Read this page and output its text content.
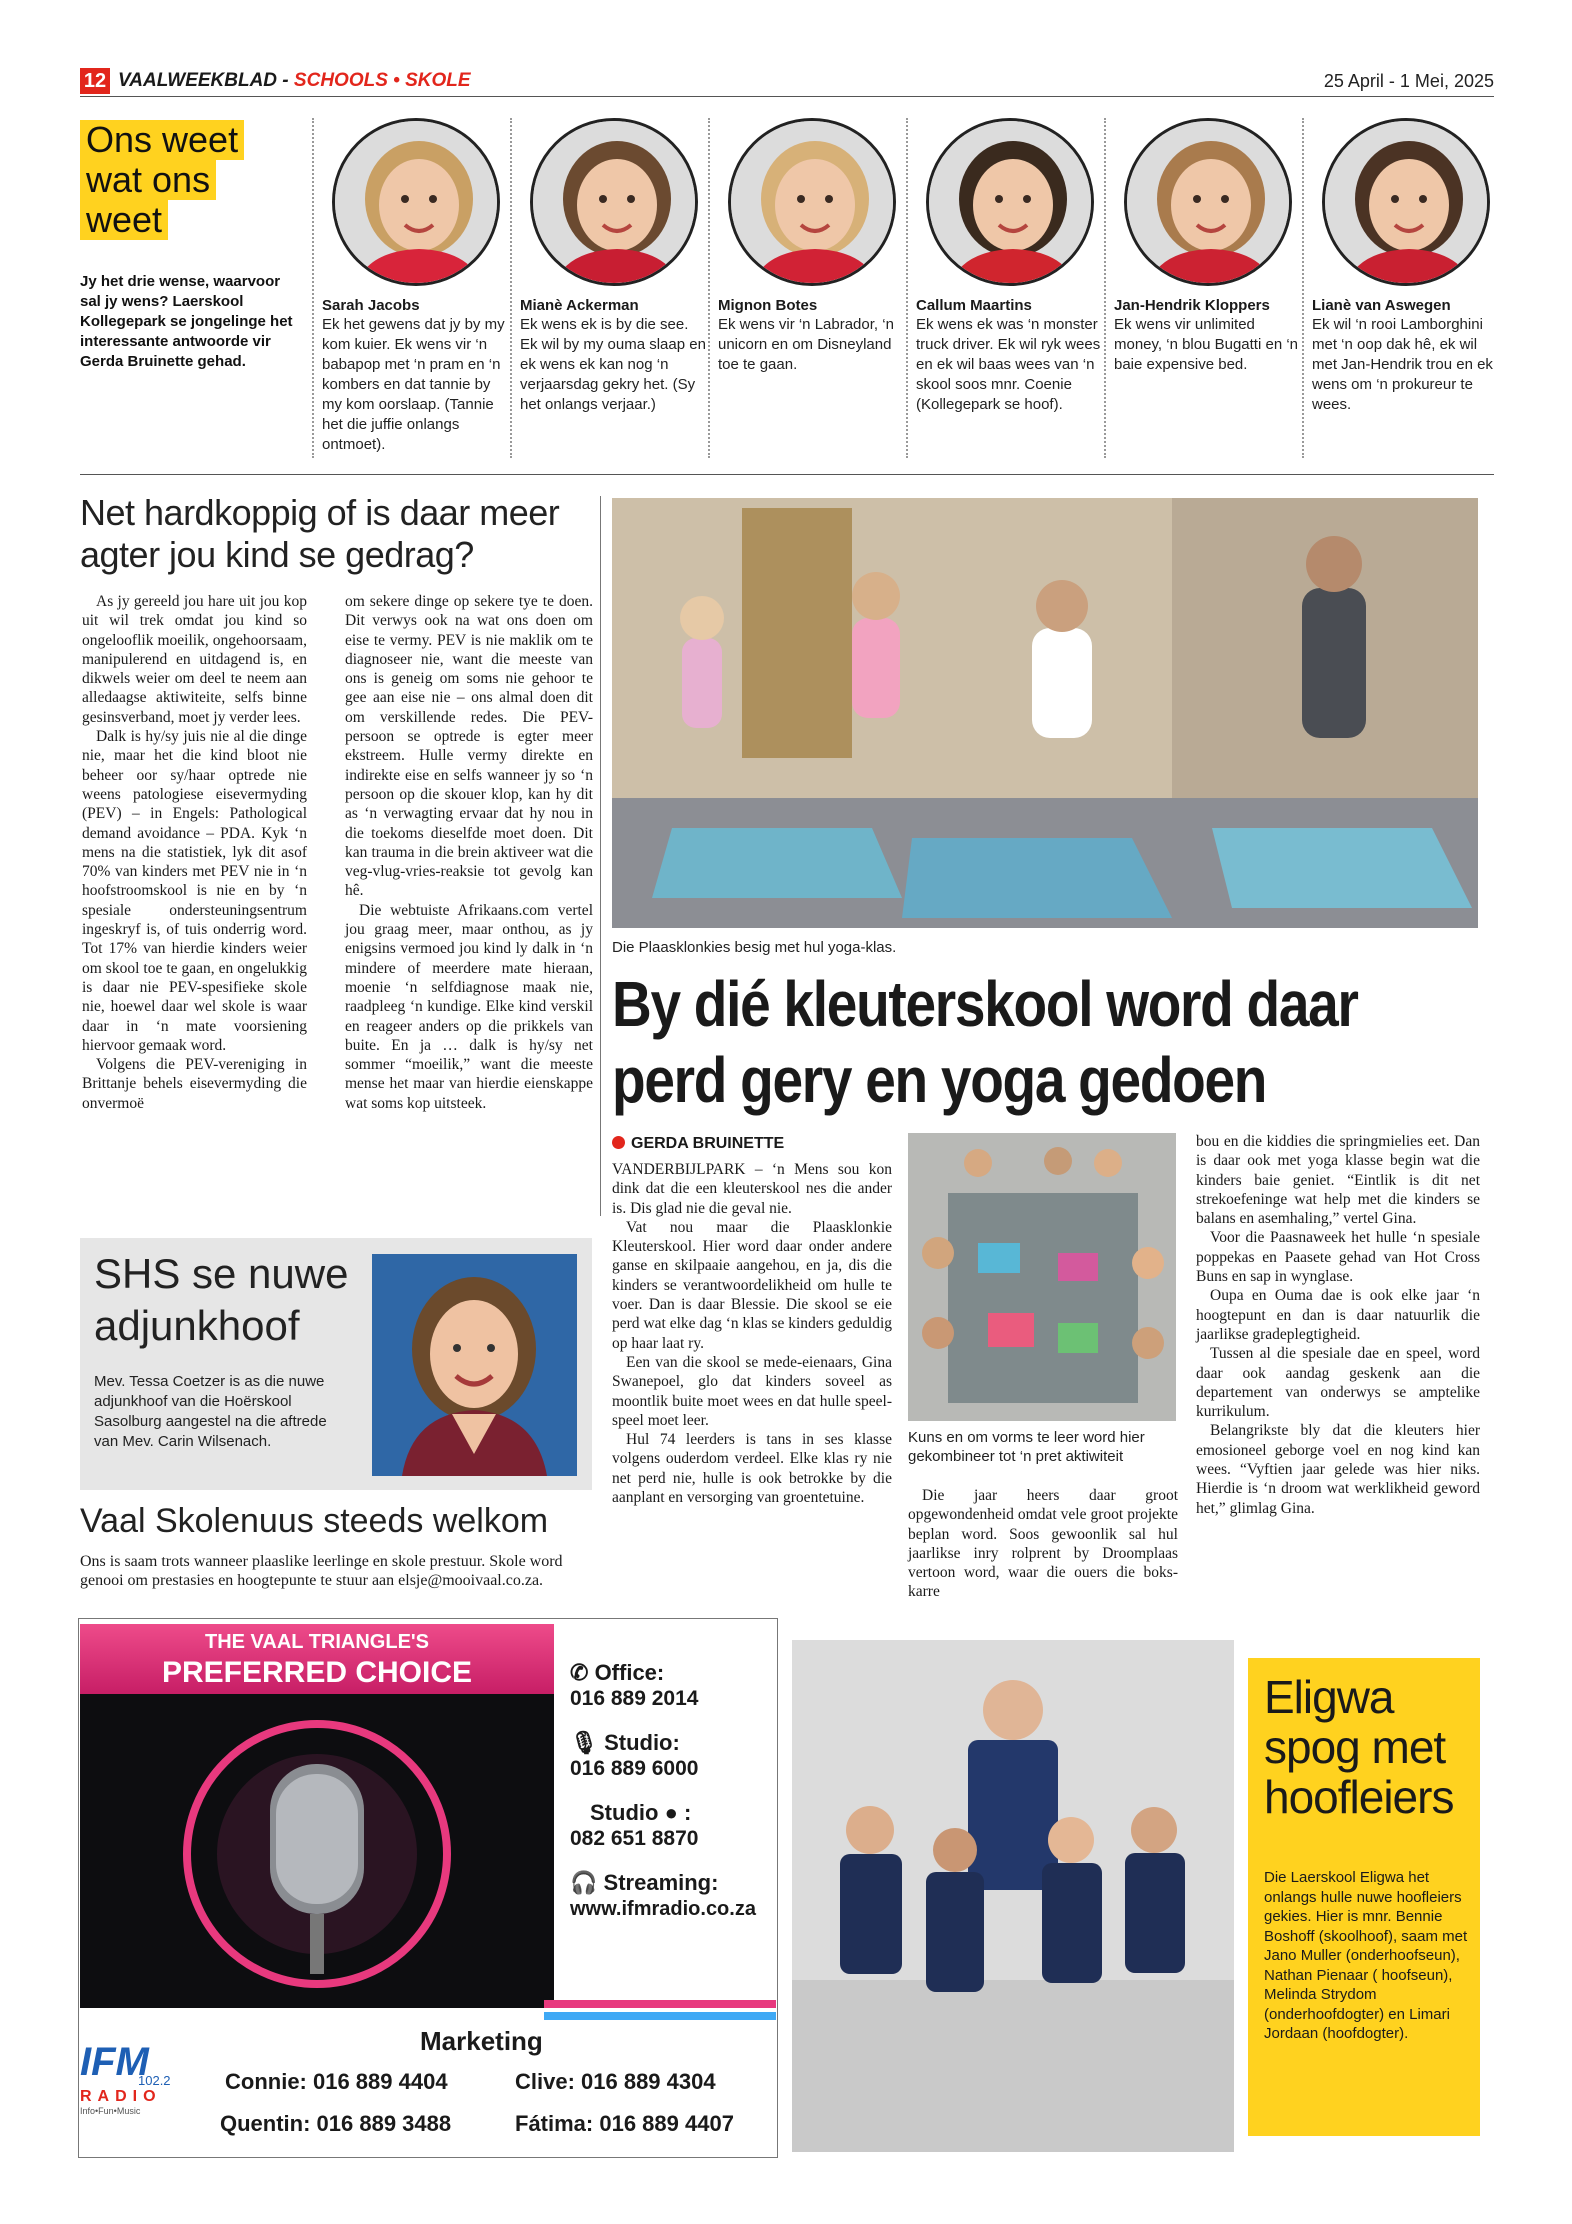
12 VAALWEEKBLAD - SCHOOLS • SKOLE	25 April - 1 Mei, 2025
Ons weet
wat ons
weet
Jy het drie wense, waarvoor sal jy wens? Laerskool Kollegepark se jongelinge het interessante antwoorde vir Gerda Bruinette gehad.
Sarah Jacobs
Ek het gewens dat jy by my kom kuier. Ek wens vir ‘n babapop met ‘n pram en ‘n kombers en dat tannie by my kom oorslaap. (Tannie het die juffie onlangs ontmoet).
Mianè Ackerman
Ek wens ek is by die see. Ek wil by my ouma slaap en ek wens ek kan nog ‘n verjaarsdag gekry het. (Sy het onlangs verjaar.)
Mignon Botes
Ek wens vir ‘n Labrador, ‘n unicorn en om Disneyland toe te gaan.
Callum Maartins
Ek wens ek was ‘n monster truck driver. Ek wil ryk wees en ek wil baas wees van ‘n skool soos mnr. Coenie (Kollegepark se hoof).
Jan-Hendrik Kloppers
Ek wens vir unlimited money, ‘n blou Bugatti en ‘n baie expensive bed.
Lianè van Aswegen
Ek wil ‘n rooi Lamborghini met ‘n oop dak hê, ek wil met Jan-Hendrik trou en ek wens om ‘n prokureur te wees.
Net hardkoppig of is daar meer agter jou kind se gedrag?

As jy gereeld jou hare uit jou kop uit wil trek omdat jou kind so ongelooflik moeilik, ongehoorsaam, manipulerend en uitdagend is, en dikwels weier om deel te neem aan alledaagse aktiwiteite, selfs binne gesinsverband, moet jy verder lees.

Dalk is hy/sy juis nie al die dinge nie, maar het die kind bloot nie beheer oor sy/haar optrede nie weens patologiese eisevermyding (PEV) – in Engels: Pathological demand avoidance – PDA. Kyk ‘n mens na die statistiek, lyk dit asof 70% van kinders met PEV nie in ‘n hoofstroomskool is nie en by ‘n spesiale ondersteuningsentrum ingeskryf is, of tuis onderrig word. Tot 17% van hierdie kinders weier om skool toe te gaan, en ongelukkig is daar nie PEV-spesifieke skole nie, hoewel daar wel skole is waar daar in ‘n mate voorsiening hiervoor gemaak word.

Volgens die PEV-vereniging in Brittanje behels eisevermyding die onvermoë

om sekere dinge op sekere tye te doen. Dit verwys ook na wat ons doen om eise te vermy. PEV is nie maklik om te diagnoseer nie, want die meeste van ons is geneig om soms nie gehoor te gee aan eise nie – ons almal doen dit om verskillende redes. Die PEV-persoon se optrede is egter meer ekstreem. Hulle vermy direkte en indirekte eise en selfs wanneer jy so ‘n persoon op die skouer klop, kan hy dit as ‘n verwagting ervaar dat hy nou in die toekoms dieselfde moet doen. Dit kan trauma in die brein aktiveer wat die veg-vlug-vries-reaksie tot gevolg kan hê.

Die webtuiste Afrikaans.com vertel jou graag meer, maar onthou, as jy enigsins vermoed jou kind ly dalk in ‘n mindere of meerdere mate hieraan, moenie ‘n selfdiagnose maak nie, raadpleeg ‘n kundige. Elke kind verskil en reageer anders op die prikkels van buite. En ja … dalk is hy/sy net sommer “moeilik,” want die meeste mense het maar van hierdie eienskappe wat soms kop uitsteek.

SHS se nuwe adjunkhoof
Mev. Tessa Coetzer is as die nuwe adjunkhoof van die Hoërskool Sasolburg aangestel na die aftrede van Mev. Carin Wilsenach.
Vaal Skolenuus steeds welkom
Ons is saam trots wanneer plaaslike leerlinge en skole prestuur. Skole word genooi om prestasies en hoogtepunte te stuur aan elsje@mooivaal.co.za.
Die Plaasklonkies besig met hul yoga-klas.
By dié kleuterskool word daar
perd gery en yoga gedoen
GERDA BRUINETTE

VANDERBIJLPARK – ‘n Mens sou kon dink dat die een kleuterskool nes die ander is. Dis glad nie die geval nie.

Vat nou maar die Plaasklonkie Kleuterskool. Hier word daar onder andere ganse en skilpaaie aangehou, en ja, dis die kinders se verantwoordelikheid om hulle te voer. Dan is daar Blessie. Die skool se eie perd wat elke dag ‘n klas se kinders geduldig op haar laat ry.

Een van die skool se mede-eienaars, Gina Swanepoel, glo dat kinders soveel as moontlik buite moet wees en dat hulle speel-speel moet leer.

Hul 74 leerders is tans in ses klasse volgens ouderdom verdeel. Elke klas ry nie net perd nie, hulle is ook betrokke by die aanplant en versorging van groentetuine.

Kuns en om vorms te leer word hier gekombineer tot ‘n pret aktiwiteit

Die jaar heers daar groot opgewondenheid omdat vele groot projekte beplan word. Soos gewoonlik sal hul jaarlikse inry rolprent by Droomplaas vertoon word, waar die ouers die boks-karre

bou en die kiddies die springmielies eet. Dan is daar ook met yoga klasse begin wat die kinders baie geniet. “Eintlik is dit net strekoefeninge wat help met die kinders se balans en asemhaling,” vertel Gina.

Voor die Paasnaweek het hulle ‘n spesiale poppekas en Paasete gehad van Hot Cross Buns en sap in wynglase.

Oupa en Ouma dae is ook elke jaar ‘n hoogtepunt en dan is daar natuurlik die jaarlikse gradeplegtigheid.

Tussen al die spesiale dae en speel, word daar ook aandag geskenk aan die departement van onderwys se amptelike kurrikulum.

Belangrikste bly dat die kleuters hier emosioneel geborge voel en nog kind kan wees. “Vyftien jaar gelede was hier niks. Hierdie is ‘n droom wat werklikheid geword het,” glimlag Gina.

THE VAAL TRIANGLE'S
PREFERRED CHOICE	✆ Office:
016 889 2014
🎙 Studio:
016 889 6000
Studio ● :
082 651 8870
🎧 Streaming:
www.ifmradio.co.za
IFM
102.2
RADIO
Info•Fun•Music
Marketing
Connie: 016 889 4404	Clive: 016 889 4304
Quentin: 016 889 3488	Fátima: 016 889 4407
Eligwa spog met hoofleiers
Die Laerskool Eligwa het onlangs hulle nuwe hoofleiers gekies. Hier is mnr. Bennie Boshoff (skoolhoof), saam met Jano Muller (onderhoofseun), Nathan Pienaar ( hoofseun), Melinda Strydom (onderhoofdogter) en Limari Jordaan (hoofdogter).
